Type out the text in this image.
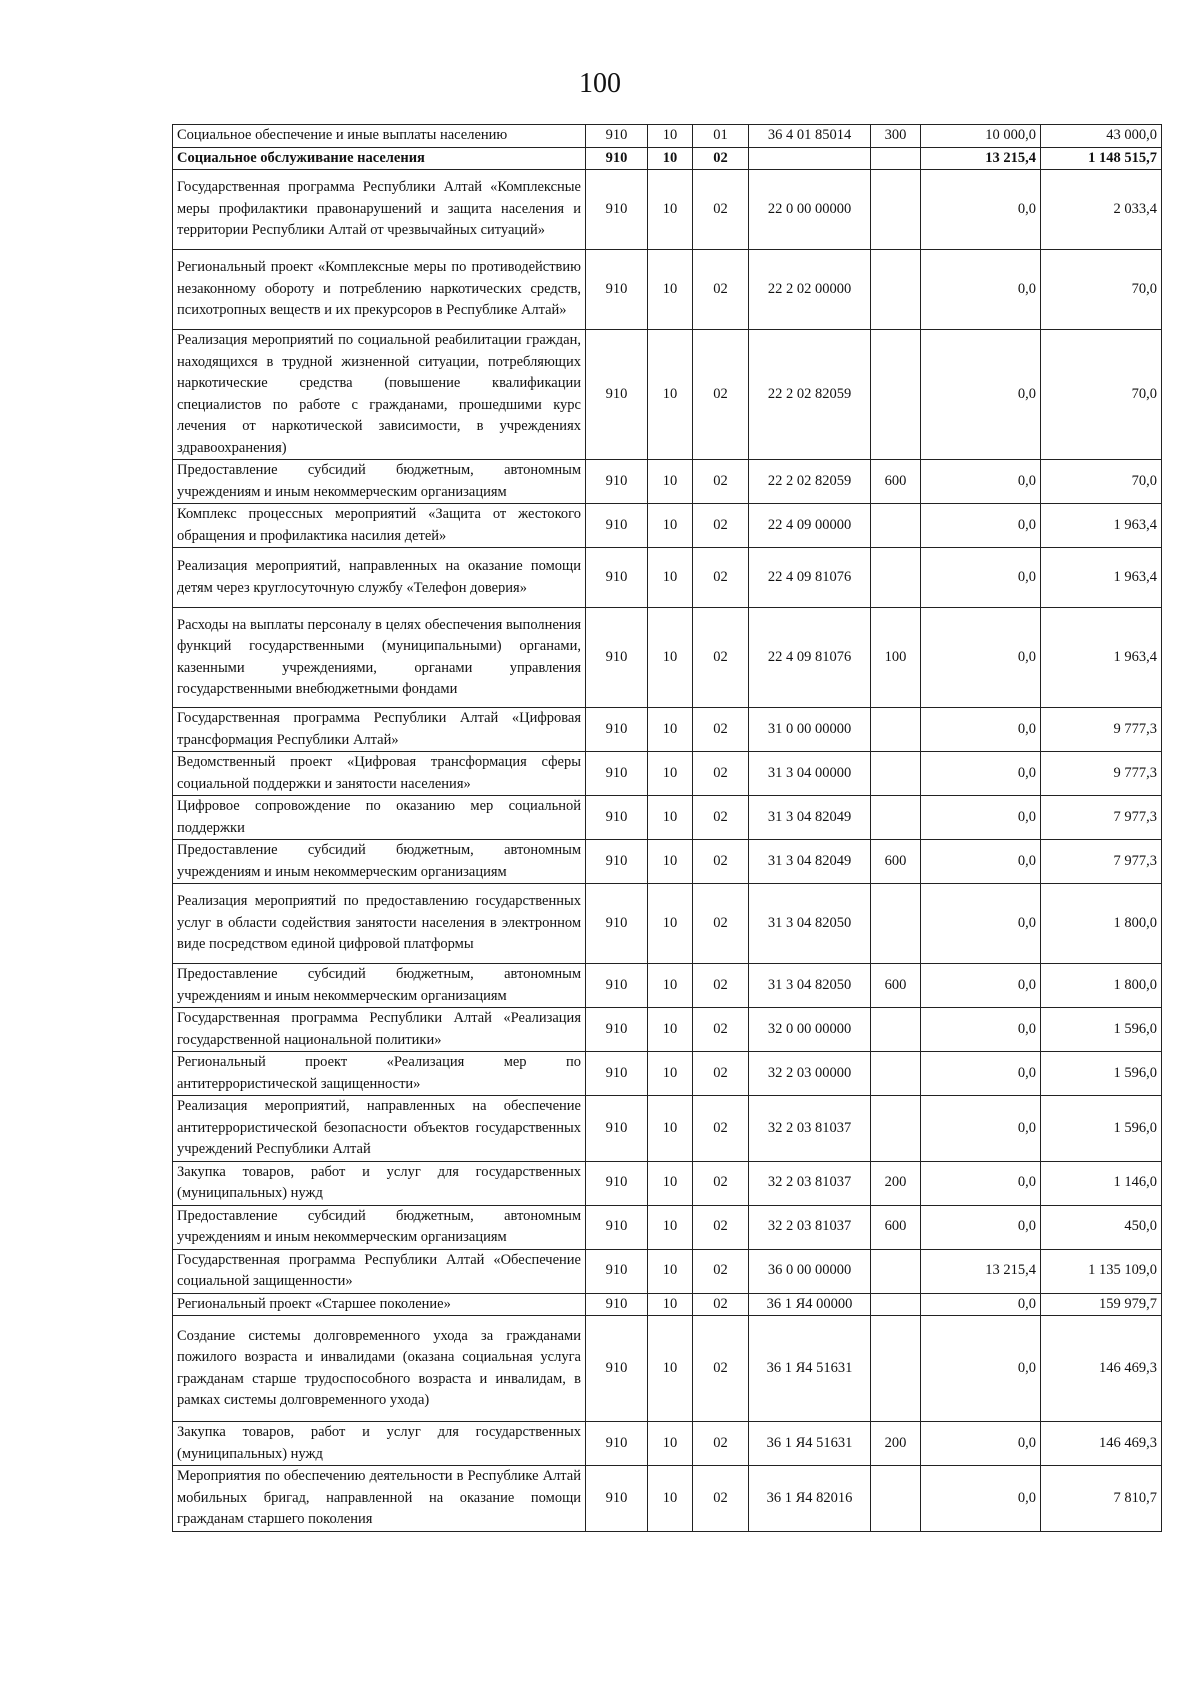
100
Социальное обеспечение и иные выплаты населению	910	10	01	36 4 01 85014	300	10 000,0	43 000,0
Социальное обслуживание населения	910	10	02			13 215,4	1 148 515,7
Государственная программа Республики Алтай «Комплексные меры профилактики правонарушений и защита населения и территории Республики Алтай от чрезвычайных ситуаций»	910	10	02	22 0 00 00000		0,0	2 033,4
Региональный проект «Комплексные меры по противодействию незаконному обороту и потреблению наркотических средств, психотропных веществ и их прекурсоров в Республике Алтай»	910	10	02	22 2 02 00000		0,0	70,0
Реализация мероприятий по социальной реабилитации граждан, находящихся в трудной жизненной ситуации, потребляющих наркотические средства (повышение квалификации специалистов по работе с гражданами, прошедшими курс лечения от наркотической зависимости, в учреждениях здравоохранения)	910	10	02	22 2 02 82059		0,0	70,0
Предоставление субсидий бюджетным, автономным учреждениям и иным некоммерческим организациям	910	10	02	22 2 02 82059	600	0,0	70,0
Комплекс процессных мероприятий «Защита от жестокого обращения и профилактика насилия детей»	910	10	02	22 4 09 00000		0,0	1 963,4
Реализация мероприятий, направленных на оказание помощи детям через круглосуточную службу «Телефон доверия»	910	10	02	22 4 09 81076		0,0	1 963,4
Расходы на выплаты персоналу в целях обеспечения выполнения функций государственными (муниципальными) органами, казенными учреждениями, органами управления государственными внебюджетными фондами	910	10	02	22 4 09 81076	100	0,0	1 963,4
Государственная программа Республики Алтай «Цифровая трансформация Республики Алтай»	910	10	02	31 0 00 00000		0,0	9 777,3
Ведомственный проект «Цифровая трансформация сферы социальной поддержки и занятости населения»	910	10	02	31 3 04 00000		0,0	9 777,3
Цифровое сопровождение по оказанию мер социальной поддержки	910	10	02	31 3 04 82049		0,0	7 977,3
Предоставление субсидий бюджетным, автономным учреждениям и иным некоммерческим организациям	910	10	02	31 3 04 82049	600	0,0	7 977,3
Реализация мероприятий по предоставлению государственных услуг в области содействия занятости населения в электронном виде посредством единой цифровой платформы	910	10	02	31 3 04 82050		0,0	1 800,0
Предоставление субсидий бюджетным, автономным учреждениям и иным некоммерческим организациям	910	10	02	31 3 04 82050	600	0,0	1 800,0
Государственная программа Республики Алтай «Реализация государственной национальной политики»	910	10	02	32 0 00 00000		0,0	1 596,0
Региональный проект «Реализация мер по антитеррористической защищенности»	910	10	02	32 2 03 00000		0,0	1 596,0
Реализация мероприятий, направленных на обеспечение антитеррористической безопасности объектов государственных учреждений Республики Алтай	910	10	02	32 2 03 81037		0,0	1 596,0
Закупка товаров, работ и услуг для государственных (муниципальных) нужд	910	10	02	32 2 03 81037	200	0,0	1 146,0
Предоставление субсидий бюджетным, автономным учреждениям и иным некоммерческим организациям	910	10	02	32 2 03 81037	600	0,0	450,0
Государственная программа Республики Алтай «Обеспечение социальной защищенности»	910	10	02	36 0 00 00000		13 215,4	1 135 109,0
Региональный проект «Старшее поколение»	910	10	02	36 1 Я4 00000		0,0	159 979,7
Создание системы долговременного ухода за гражданами пожилого возраста и инвалидами (оказана социальная услуга гражданам старше трудоспособного возраста и инвалидам, в рамках системы долговременного ухода)	910	10	02	36 1 Я4 51631		0,0	146 469,3
Закупка товаров, работ и услуг для государственных (муниципальных) нужд	910	10	02	36 1 Я4 51631	200	0,0	146 469,3
Мероприятия по обеспечению деятельности в Республике Алтай мобильных бригад, направленной на оказание помощи гражданам старшего поколения	910	10	02	36 1 Я4 82016		0,0	7 810,7
